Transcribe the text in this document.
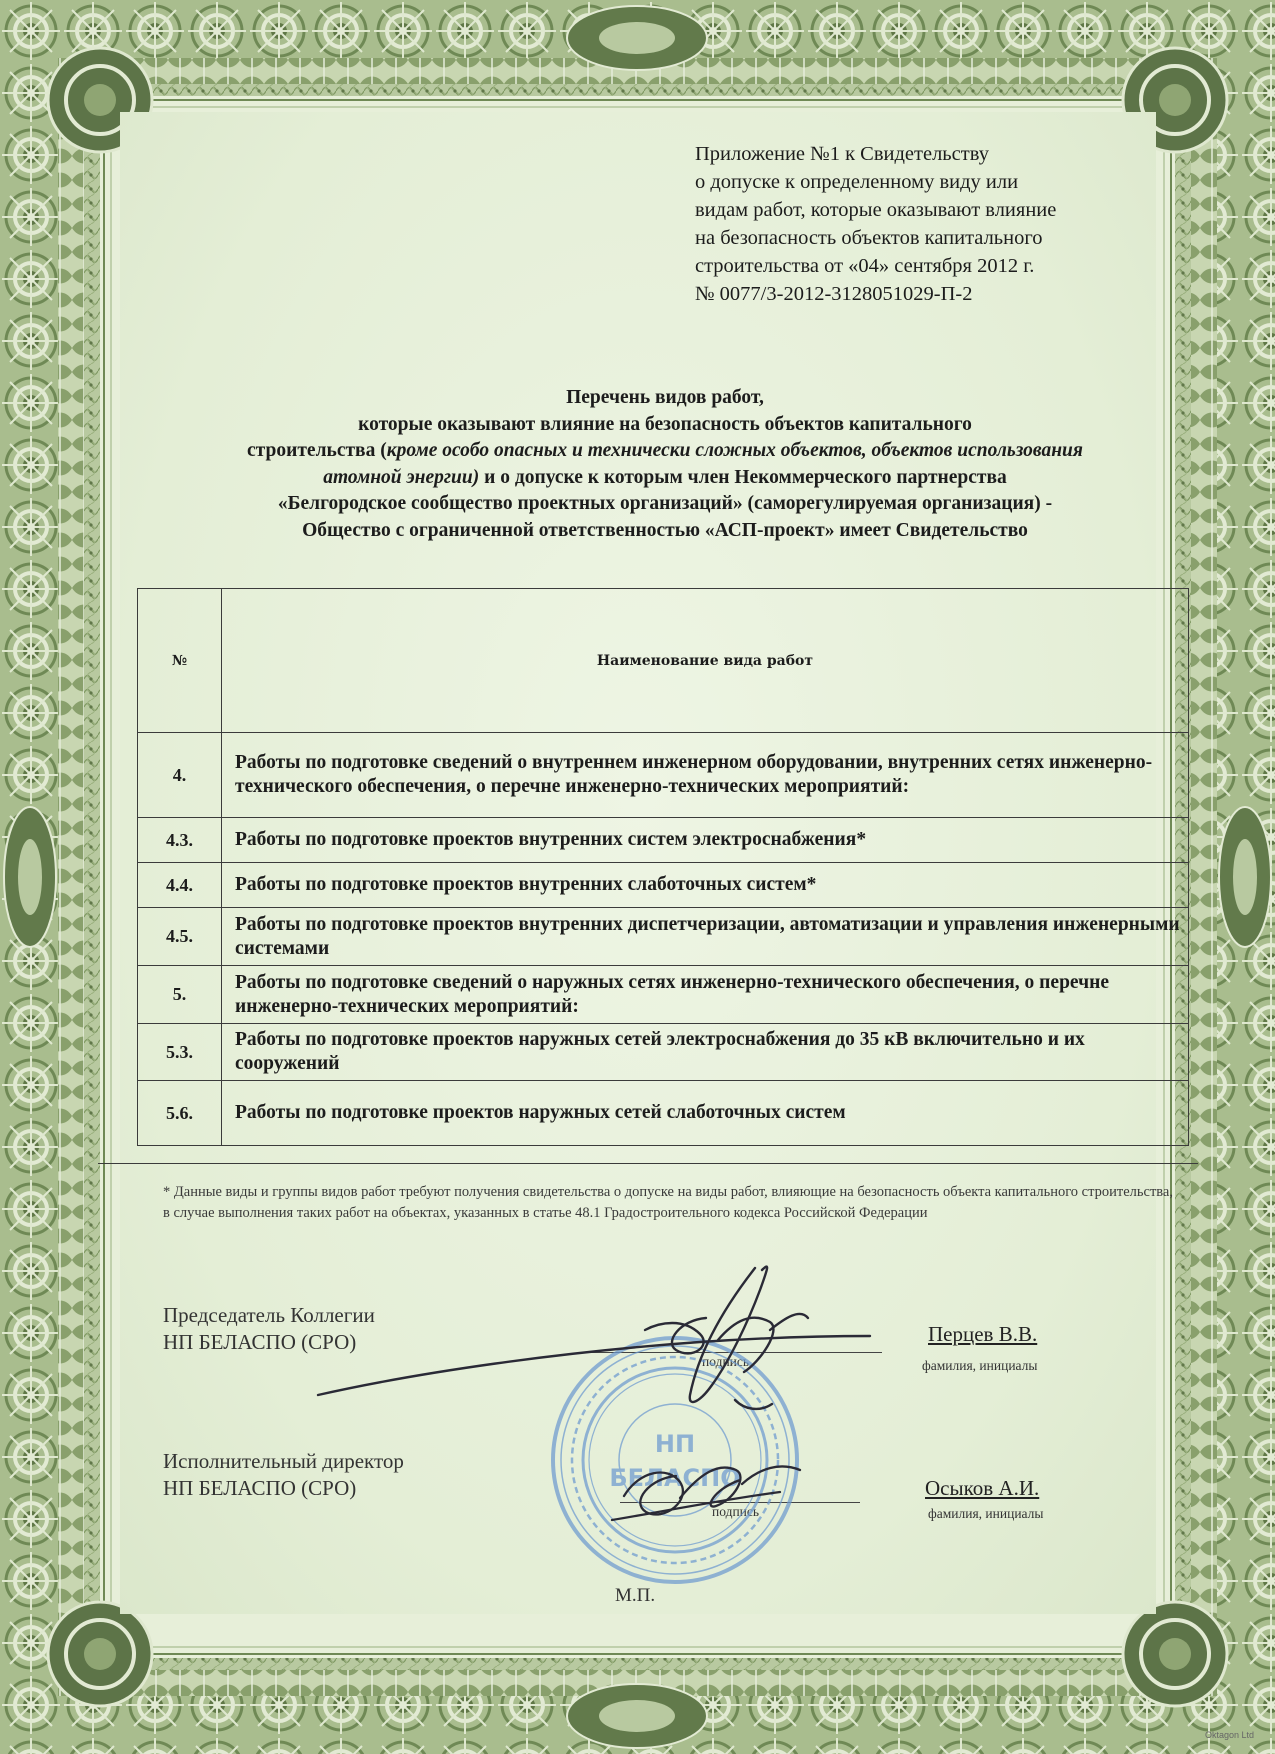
Приложение №1 к Свидетельству
о допуске к определенному виду или
видам работ, которые оказывают влияние
на безопасность объектов капитального
строительства от «04» сентября 2012 г.
№ 0077/3-2012-3128051029-П-2
Перечень видов работ,
которые оказывают влияние на безопасность объектов капитального
строительства (кроме особо опасных и технически сложных объектов, объектов использования
атомной энергии) и о допуске к которым член Некоммерческого партнерства
«Белгородское сообщество проектных организаций» (саморегулируемая организация) -
Общество с ограниченной ответственностью «АСП-проект» имеет Свидетельство
№	Наименование вида работ
4.	Работы по подготовке сведений о внутреннем инженерном оборудовании, внутренних сетях инженерно-технического обеспечения, о перечне инженерно-технических мероприятий:
4.3.	Работы по подготовке проектов внутренних систем электроснабжения*
4.4.	Работы по подготовке проектов внутренних слаботочных систем*
4.5.	Работы по подготовке проектов внутренних диспетчеризации, автоматизации и управления инженерными системами
5.	Работы по подготовке сведений о наружных сетях инженерно-технического обеспечения, о перечне инженерно-технических мероприятий:
5.3.	Работы по подготовке проектов наружных сетей электроснабжения до 35 кВ включительно и их сооружений
5.6.	Работы по подготовке проектов наружных сетей слаботочных систем
* Данные виды и группы видов работ требуют получения свидетельства о допуске на виды работ, влияющие на безопасность объекта капитального строительства, в случае выполнения таких работ на объектах, указанных в статье 48.1 Градостроительного кодекса Российской Федерации
Председатель Коллегии
НП БЕЛАСПО (СРО)
подпись
Перцев В.В.
фамилия, инициалы
Исполнительный директор
НП БЕЛАСПО (СРО)
подпись
Осыков А.И.
фамилия, инициалы
М.П.
НП
БЕЛАСПО
Oktagon Ltd
